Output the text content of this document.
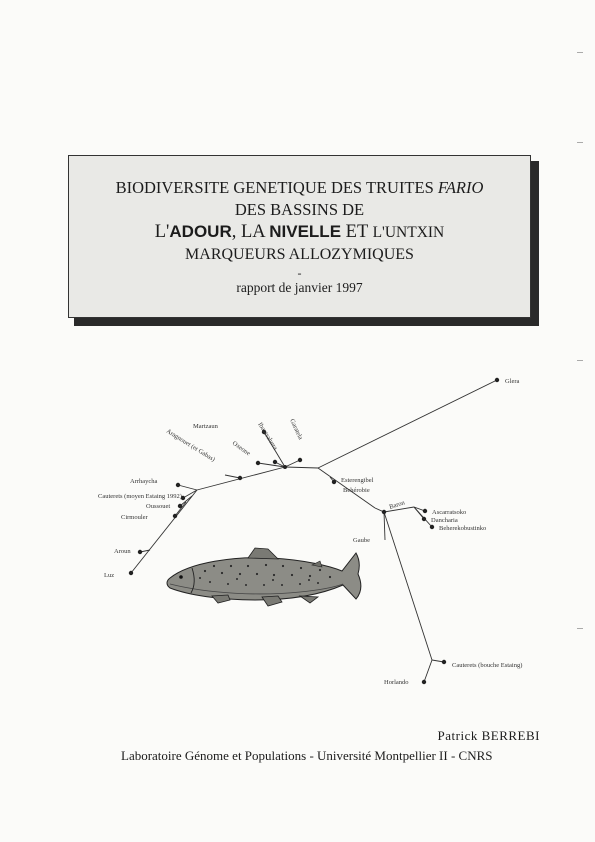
BIODIVERSITE GENETIQUE DES TRUITES FARIO
DES BASSINS DE
L'ADOUR, LA NIVELLE ET L'UNTXIN
MARQUEURS ALLOZYMIQUES
-
rapport de janvier 1997
Glera
Martzaun	Ibantsalurra Garatela
Oxeone
Aragnouet (et Gabas)
Arrhaycha
Cauterets (moyen Estaing 1992)
Oussouet
Cirmouler
Aroun
Luz
Esterengibel
Behérobie
Baron
Ascarratsoko
Dancharia
Beherekobustinko
Gaube
Cauterets (bouche Estaing)
Horlando
Patrick BERREBI
Laboratoire Génome et Populations - Université Montpellier II - CNRS
